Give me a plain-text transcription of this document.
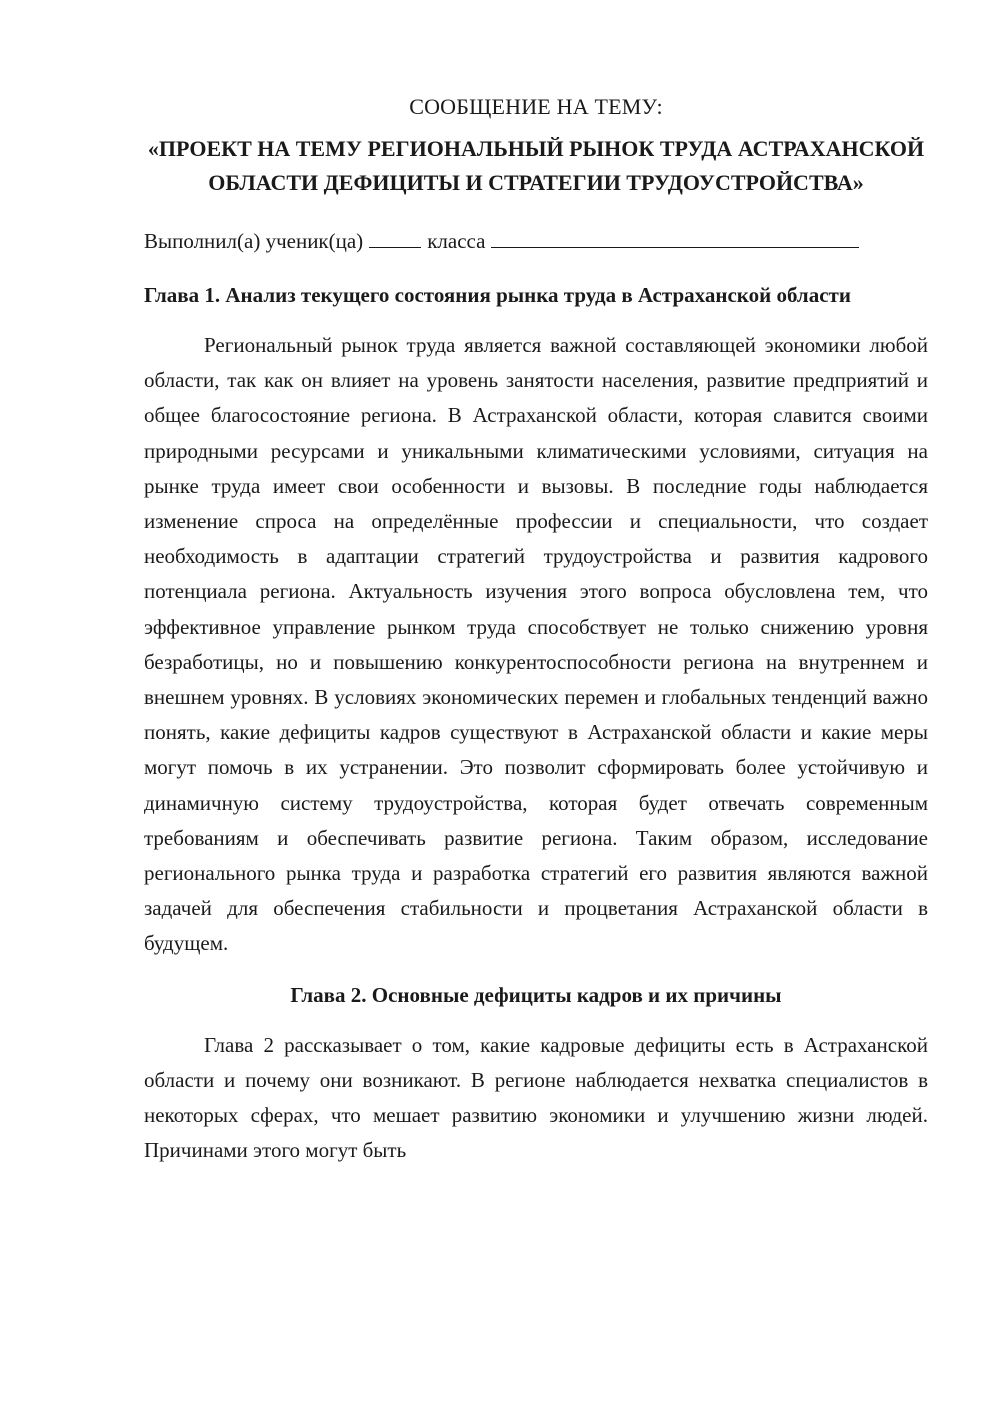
СООБЩЕНИЕ НА ТЕМУ:
«ПРОЕКТ НА ТЕМУ РЕГИОНАЛЬНЫЙ РЫНОК ТРУДА АСТРАХАНСКОЙ ОБЛАСТИ ДЕФИЦИТЫ И СТРАТЕГИИ ТРУДОУСТРОЙСТВА»
Выполнил(а) ученик(ца)	класса
Глава 1. Анализ текущего состояния рынка труда в Астраханской области

Региональный рынок труда является важной составляющей экономики любой области, так как он влияет на уровень занятости населения, развитие предприятий и общее благосостояние региона. В Астраханской области, которая славится своими природными ресурсами и уникальными климатическими условиями, ситуация на рынке труда имеет свои особенности и вызовы. В последние годы наблюдается изменение спроса на определённые профессии и специальности, что создает необходимость в адаптации стратегий трудоустройства и развития кадрового потенциала региона. Актуальность изучения этого вопроса обусловлена тем, что эффективное управление рынком труда способствует не только снижению уровня безработицы, но и повышению конкурентоспособности региона на внутреннем и внешнем уровнях. В условиях экономических перемен и глобальных тенденций важно понять, какие дефициты кадров существуют в Астраханской области и какие меры могут помочь в их устранении. Это позволит сформировать более устойчивую и динамичную систему трудоустройства, которая будет отвечать современным требованиям и обеспечивать развитие региона. Таким образом, исследование регионального рынка труда и разработка стратегий его развития являются важной задачей для обеспечения стабильности и процветания Астраханской области в будущем.

Глава 2. Основные дефициты кадров и их причины

Глава 2 рассказывает о том, какие кадровые дефициты есть в Астраханской области и почему они возникают. В регионе наблюдается нехватка специалистов в некоторых сферах, что мешает развитию экономики и улучшению жизни людей. Причинами этого могут быть
